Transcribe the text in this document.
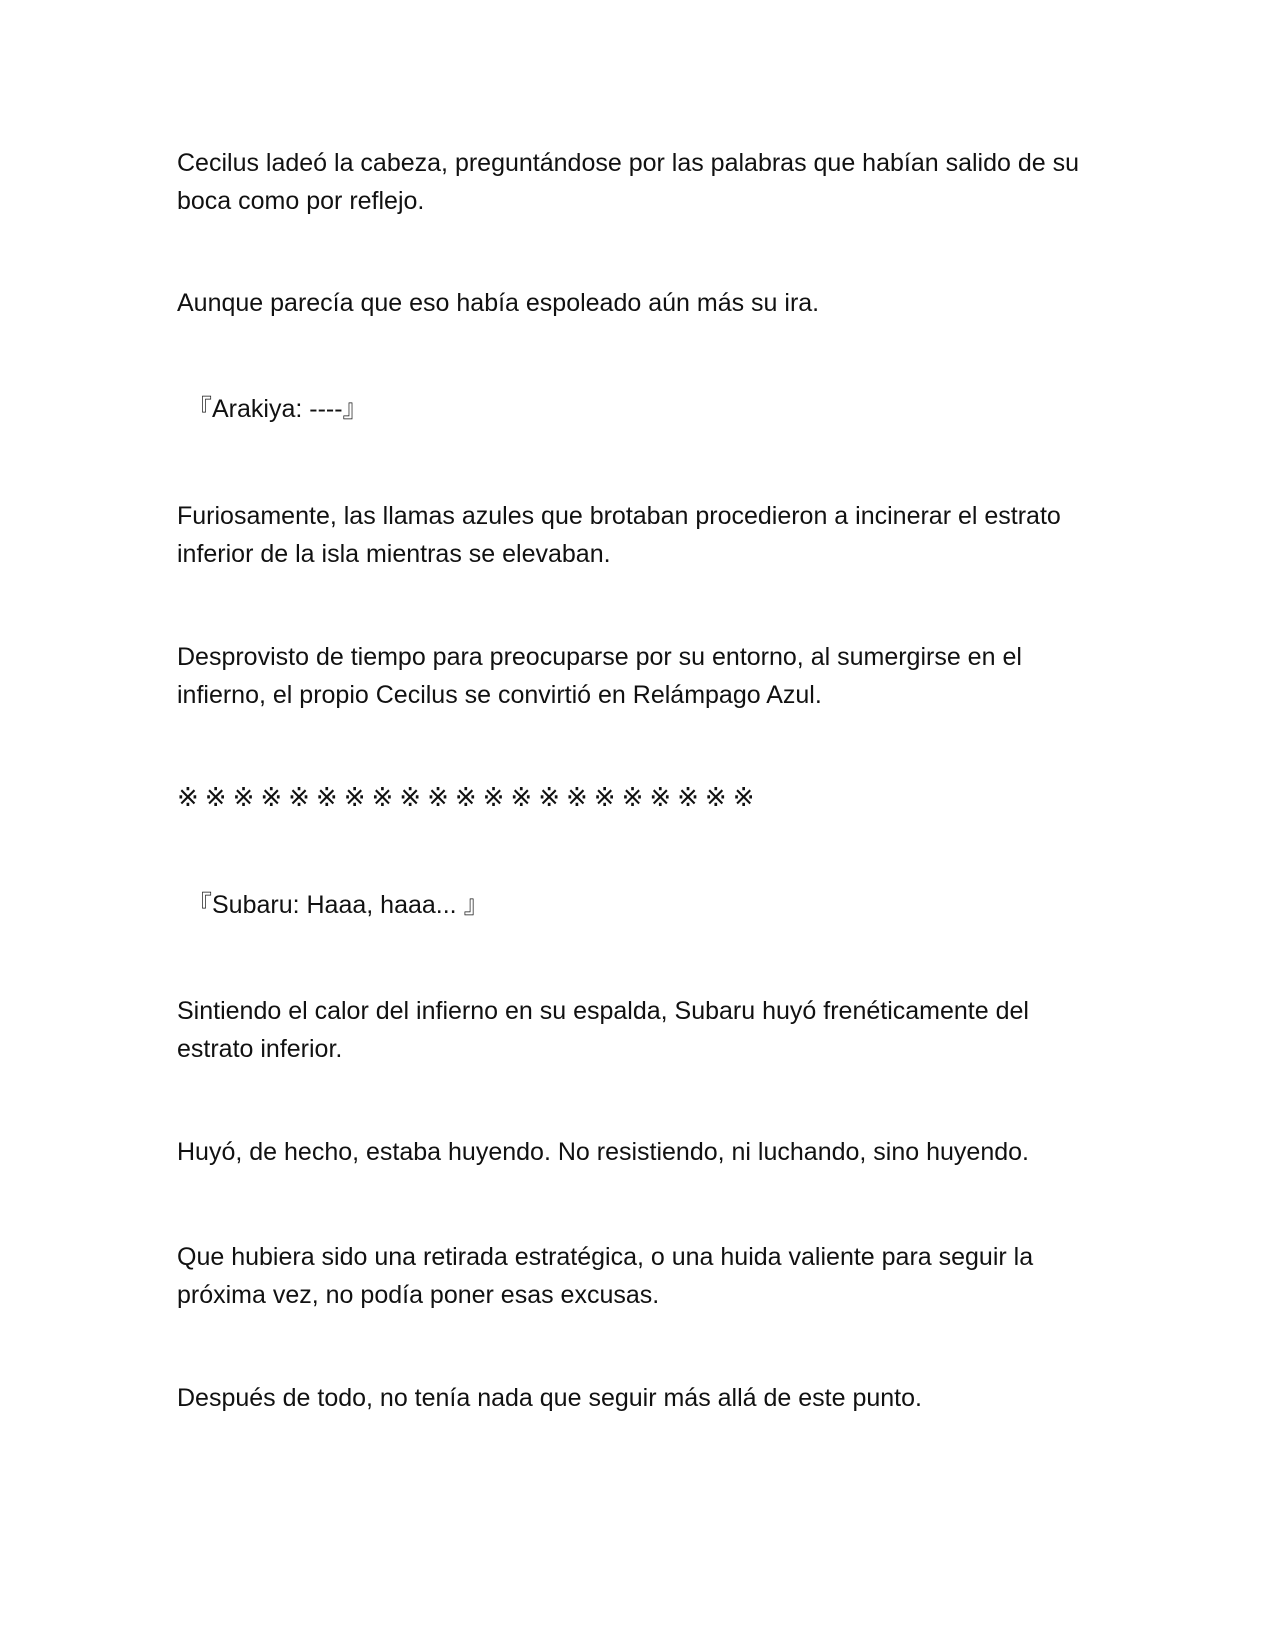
Cecilus ladeó la cabeza, preguntándose por las palabras que habían salido de su boca como por reflejo.

Aunque parecía que eso había espoleado aún más su ira.

『Arakiya: ----』

Furiosamente, las llamas azules que brotaban procedieron a incinerar el estrato inferior de la isla mientras se elevaban.

Desprovisto de tiempo para preocuparse por su entorno, al sumergirse en el infierno, el propio Cecilus se convirtió en Relámpago Azul.

※※※※※※※※※※※※※※※※※※※※※

『Subaru: Haaa, haaa... 』

Sintiendo el calor del infierno en su espalda, Subaru huyó frenéticamente del estrato inferior.

Huyó, de hecho, estaba huyendo. No resistiendo, ni luchando, sino huyendo.

Que hubiera sido una retirada estratégica, o una huida valiente para seguir la próxima vez, no podía poner esas excusas.

Después de todo, no tenía nada que seguir más allá de este punto.
